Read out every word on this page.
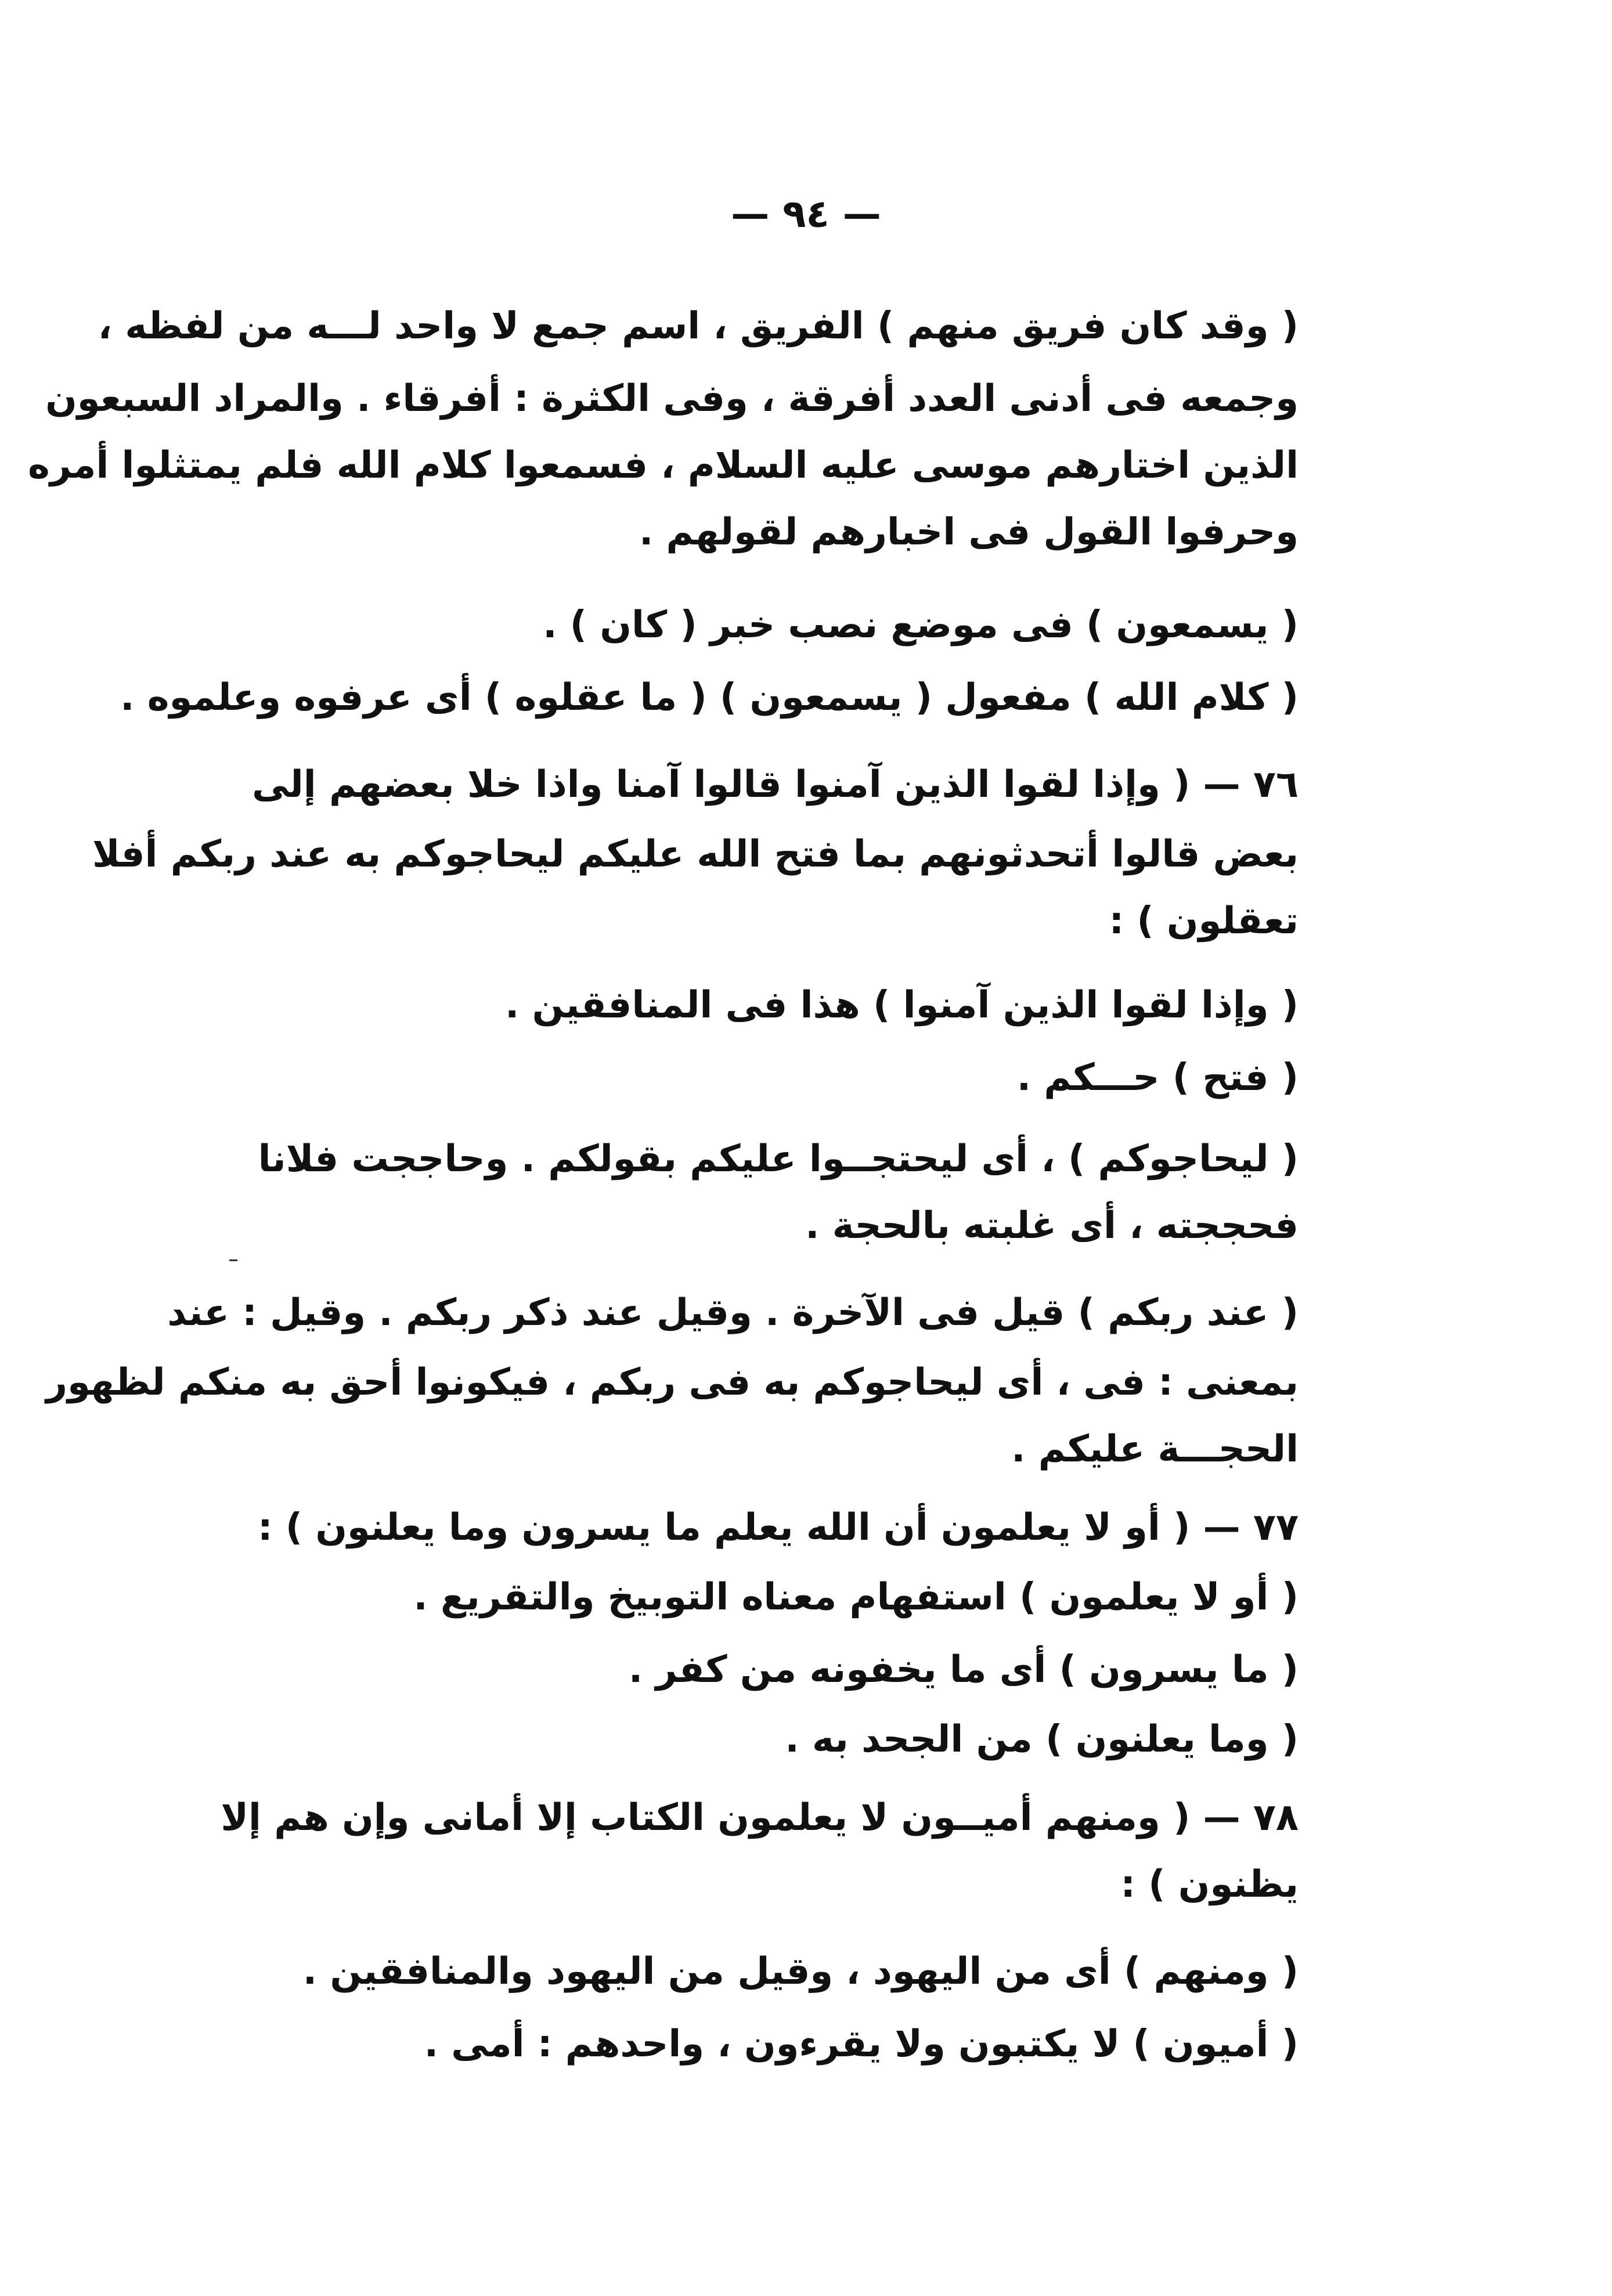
— ٩٤ —
( وقد كان فريق منهم ) الفريق ، اسم جمع لا واحد لـــه من لفظه ،
وجمعه فى أدنى العدد أفرقة ، وفى الكثرة : أفرقاء . والمراد السبعون
الذين اختارهم موسى عليه السلام ، فسمعوا كلام الله فلم يمتثلوا أمره
وحرفوا القول فى اخبارهم لقولهم .
( يسمعون ) فى موضع نصب خبر ( كان ) .
( كلام الله ) مفعول ( يسمعون ) ( ما عقلوه ) أى عرفوه وعلموه .
٧٦ — ( وإذا لقوا الذين آمنوا قالوا آمنا واذا خلا بعضهم إلى
بعض قالوا أتحدثونهم بما فتح الله عليكم ليحاجوكم به عند ربكم أفلا
تعقلون ) :
( وإذا لقوا الذين آمنوا ) هذا فى المنافقين .
( فتح ) حـــكم .
( ليحاجوكم ) ، أى ليحتجــوا عليكم بقولكم . وحاججت فلانا
فحججته ، أى غلبته بالحجة .
( عند ربكم ) قيل فى الآخرة . وقيل عند ذكر ربكم . وقيل : عند
بمعنى : فى ، أى ليحاجوكم به فى ربكم ، فيكونوا أحق به منكم لظهور
الحجـــة عليكم .
٧٧ — ( أو لا يعلمون أن الله يعلم ما يسرون وما يعلنون ) :
( أو لا يعلمون ) استفهام معناه التوبيخ والتقريع .
( ما يسرون ) أى ما يخفونه من كفر .
( وما يعلنون ) من الجحد به .
٧٨ — ( ومنهم أميــون لا يعلمون الكتاب إلا أمانى وإن هم إلا
يظنون ) :
( ومنهم ) أى من اليهود ، وقيل من اليهود والمنافقين .
( أميون ) لا يكتبون ولا يقرءون ، واحدهم : أمى .
